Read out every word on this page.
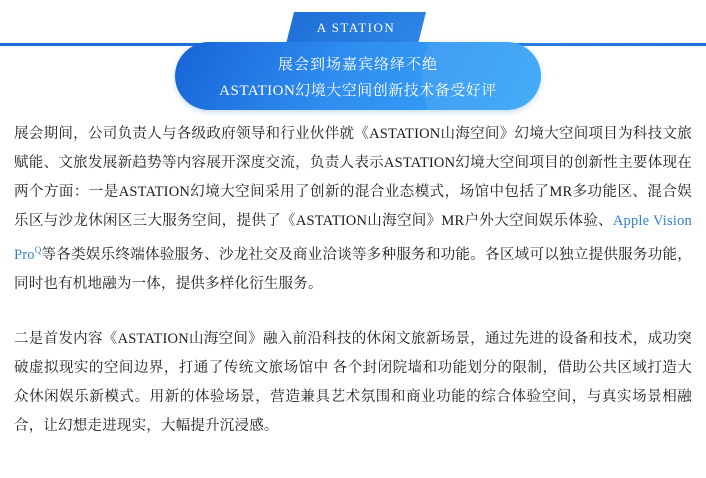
A STATION
展会到场嘉宾络绎不绝
ASTATION幻境大空间创新技术备受好评

展会期间，公司负责人与各级政府领导和行业伙伴就《ASTATION山海空间》幻境大空间项目为科技文旅赋能、文旅发展新趋势等内容展开深度交流，负责人表示ASTATION幻境大空间项目的创新性主要体现在两个方面：一是ASTATION幻境大空间采用了创新的混合业态模式，场馆中包括了MR多功能区、混合娱乐区与沙龙休闲区三大服务空间，提供了《ASTATION山海空间》MR户外大空间娱乐体验、Apple Vision Pro$^Q$等各类娱乐终端体验服务、沙龙社交及商业洽谈等多种服务和功能。各区域可以独立提供服务功能，同时也有机地融为一体，提供多样化衍生服务。

二是首发内容《ASTATION山海空间》融入前沿科技的休闲文旅新场景，通过先进的设备和技术，成功突破虚拟现实的空间边界，打通了传统文旅场馆中 各个封闭院墙和功能划分的限制，借助公共区域打造大众休闲娱乐新模式。用新的体验场景，营造兼具艺术氛围和商业功能的综合体验空间，与真实场景相融合，让幻想走进现实，大幅提升沉浸感。
